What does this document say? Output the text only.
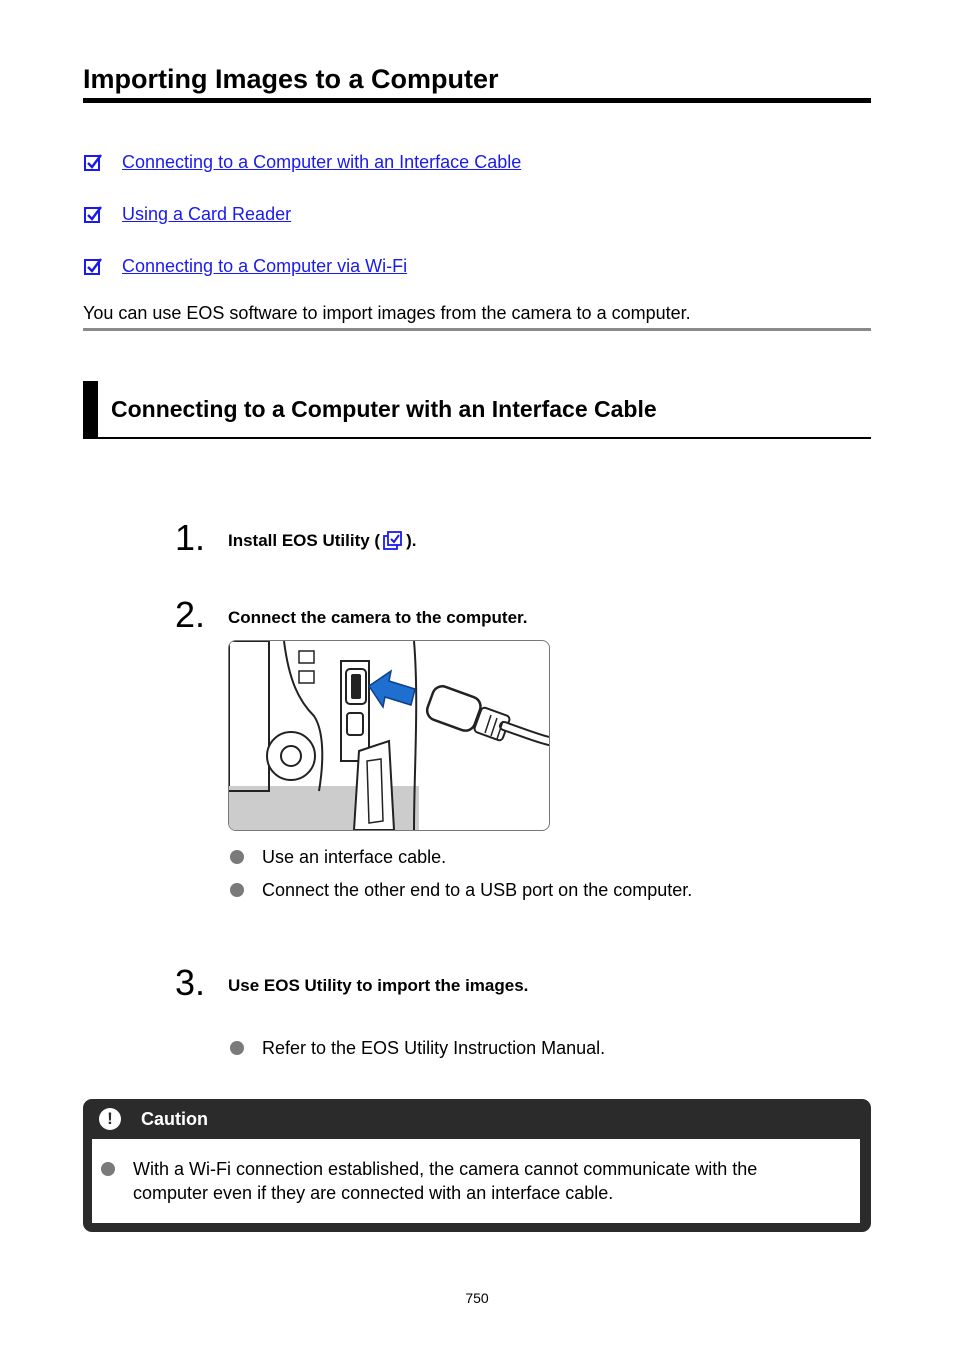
Importing Images to a Computer
Connecting to a Computer with an Interface Cable
Using a Card Reader
Connecting to a Computer via Wi-Fi
You can use EOS software to import images from the camera to a computer.
Connecting to a Computer with an Interface Cable
1. Install EOS Utility ( ).
2. Connect the camera to the computer.
Use an interface cable.
Connect the other end to a USB port on the computer.
3. Use EOS Utility to import the images.
Refer to the EOS Utility Instruction Manual.
!	Caution
With a Wi-Fi connection established, the camera cannot communicate with the computer even if they are connected with an interface cable.
750
